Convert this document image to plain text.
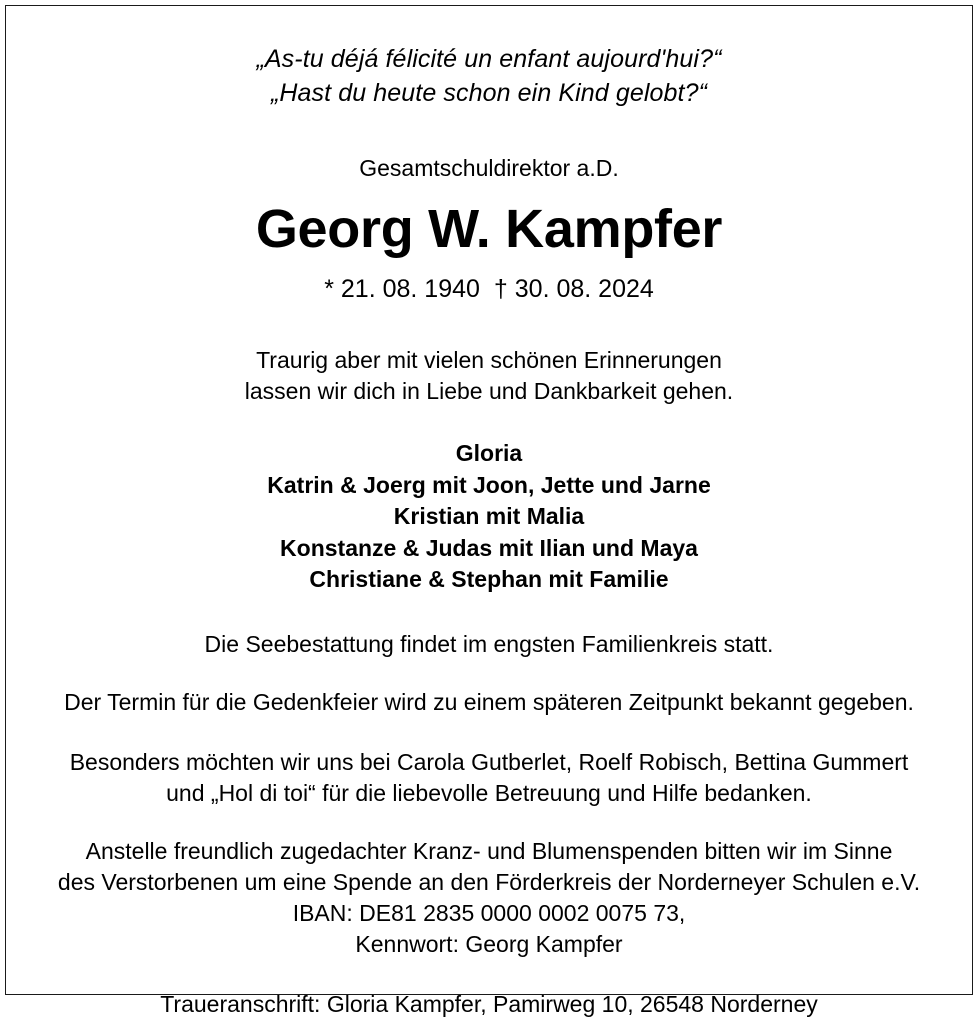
„As-tu déjá félicité un enfant aujourd'hui?“
„Hast du heute schon ein Kind gelobt?“
Gesamtschuldirektor a.D.
Georg W. Kampfer
* 21. 08. 1940 † 30. 08. 2024
Traurig aber mit vielen schönen Erinnerungen
lassen wir dich in Liebe und Dankbarkeit gehen.
Gloria
Katrin & Joerg mit Joon, Jette und Jarne
Kristian mit Malia
Konstanze & Judas mit Ilian und Maya
Christiane & Stephan mit Familie
Die Seebestattung findet im engsten Familienkreis statt.
Der Termin für die Gedenkfeier wird zu einem späteren Zeitpunkt bekannt gegeben.
Besonders möchten wir uns bei Carola Gutberlet, Roelf Robisch, Bettina Gummert
und „Hol di toi“ für die liebevolle Betreuung und Hilfe bedanken.
Anstelle freundlich zugedachter Kranz- und Blumenspenden bitten wir im Sinne
des Verstorbenen um eine Spende an den Förderkreis der Norderneyer Schulen e.V.
IBAN: DE81 2835 0000 0002 0075 73,
Kennwort: Georg Kampfer
Traueranschrift: Gloria Kampfer, Pamirweg 10, 26548 Norderney
